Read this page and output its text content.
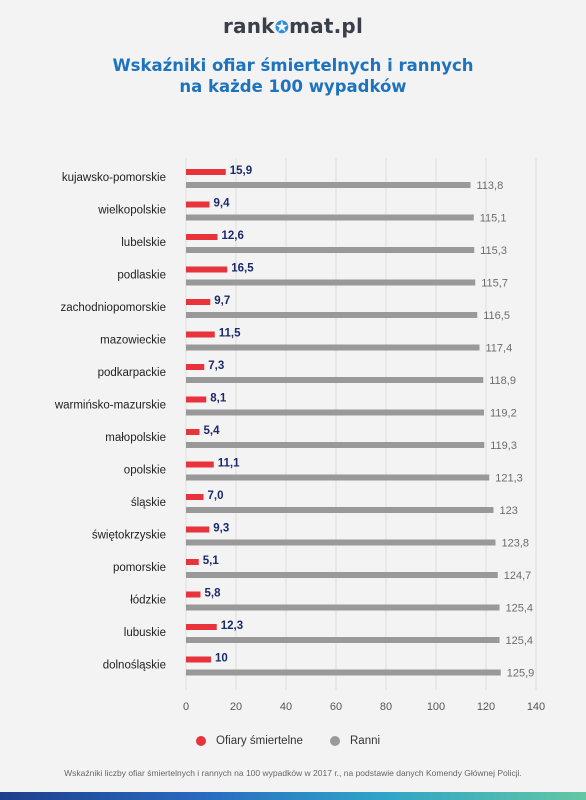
rank✪mat.pl
Wskaźniki ofiar śmiertelnych i rannych
na każde 100 wypadków
0	20	40	60	80	100	120	140
kujawsko-pomorskie
15,9
113,8
wielkopolskie
9,4
115,1
lubelskie
12,6
115,3
podlaskie
16,5
115,7
zachodniopomorskie
9,7
116,5
mazowieckie
11,5
117,4
podkarpackie
7,3
118,9
warmińsko-mazurskie
8,1
119,2
małopolskie
5,4
119,3
opolskie
11,1
121,3
śląskie
7,0
123
świętokrzyskie
9,3
123,8
pomorskie
5,1
124,7
łódzkie
5,8
125,4
lubuskie
12,3
125,4
dolnośląskie
10
125,9
Ofiary śmiertelne	Ranni
Wskaźniki liczby ofiar śmiertelnych i rannych na 100 wypadków w 2017 r., na podstawie danych Komendy Głównej Policji.
